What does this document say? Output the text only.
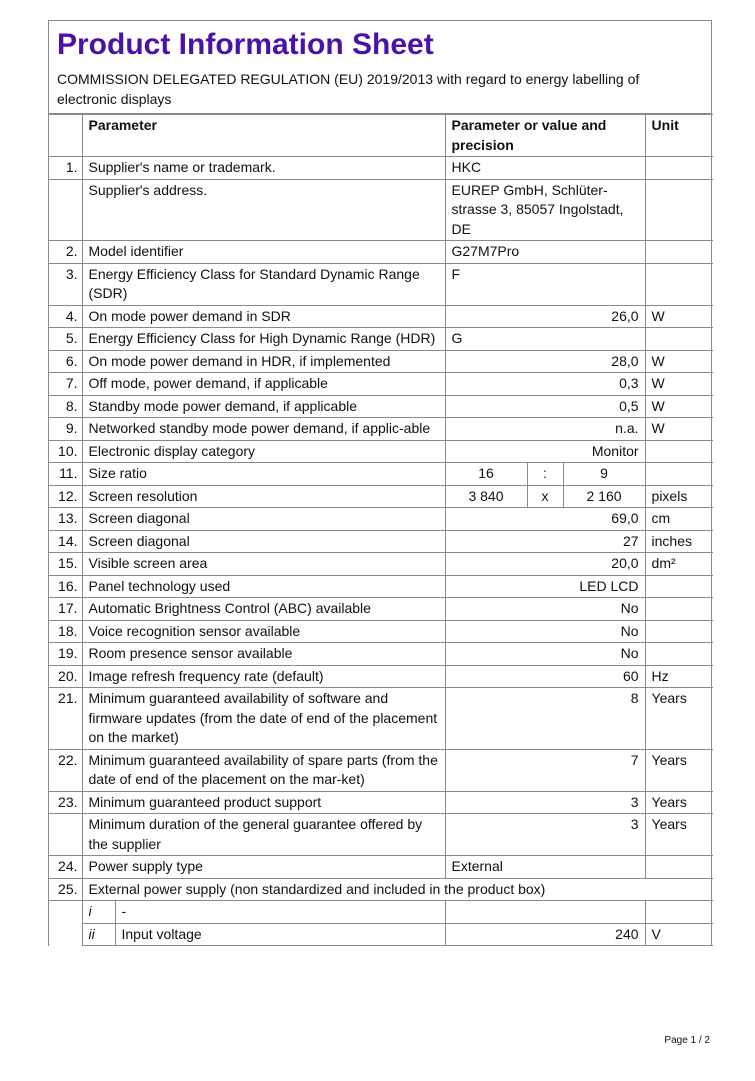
Product Information Sheet
COMMISSION DELEGATED REGULATION (EU) 2019/2013 with regard to energy labelling of electronic displays
	Parameter		Parameter or value and precision			Unit
1.	Supplier's name or trademark.		HKC			
	Supplier's address.		EUREP GmbH, Schlüter-strasse 3, 85057 Ingolstadt, DE			
2.	Model identifier		G27M7Pro			
3.	Energy Efficiency Class for Standard Dynamic Range (SDR)		F			
4.	On mode power demand in SDR		26,0			W
5.	Energy Efficiency Class for High Dynamic Range (HDR)		G			
6.	On mode power demand in HDR, if implemented		28,0			W
7.	Off mode, power demand, if applicable		0,3			W
8.	Standby mode power demand, if applicable		0,5			W
9.	Networked standby mode power demand, if applic-able		n.a.			W
10.	Electronic display category		Monitor			
11.	Size ratio		16	:	9	
12.	Screen resolution		3 840	x	2 160	pixels
13.	Screen diagonal		69,0			cm
14.	Screen diagonal		27			inches
15.	Visible screen area		20,0			dm²
16.	Panel technology used		LED LCD			
17.	Automatic Brightness Control (ABC) available		No			
18.	Voice recognition sensor available		No			
19.	Room presence sensor available		No			
20.	Image refresh frequency rate (default)		60			Hz
21.	Minimum guaranteed availability of software and firmware updates (from the date of end of the placement on the market)		8			Years
22.	Minimum guaranteed availability of spare parts (from the date of end of the placement on the mar-ket)		7			Years
23.	Minimum guaranteed product support		3			Years
	Minimum duration of the general guarantee offered by the supplier		3			Years
24.	Power supply type		External			
25.	External power supply (non standardized and included in the product box)					
	i	-				
	ii	Input voltage	240			V
Page 1 / 2
